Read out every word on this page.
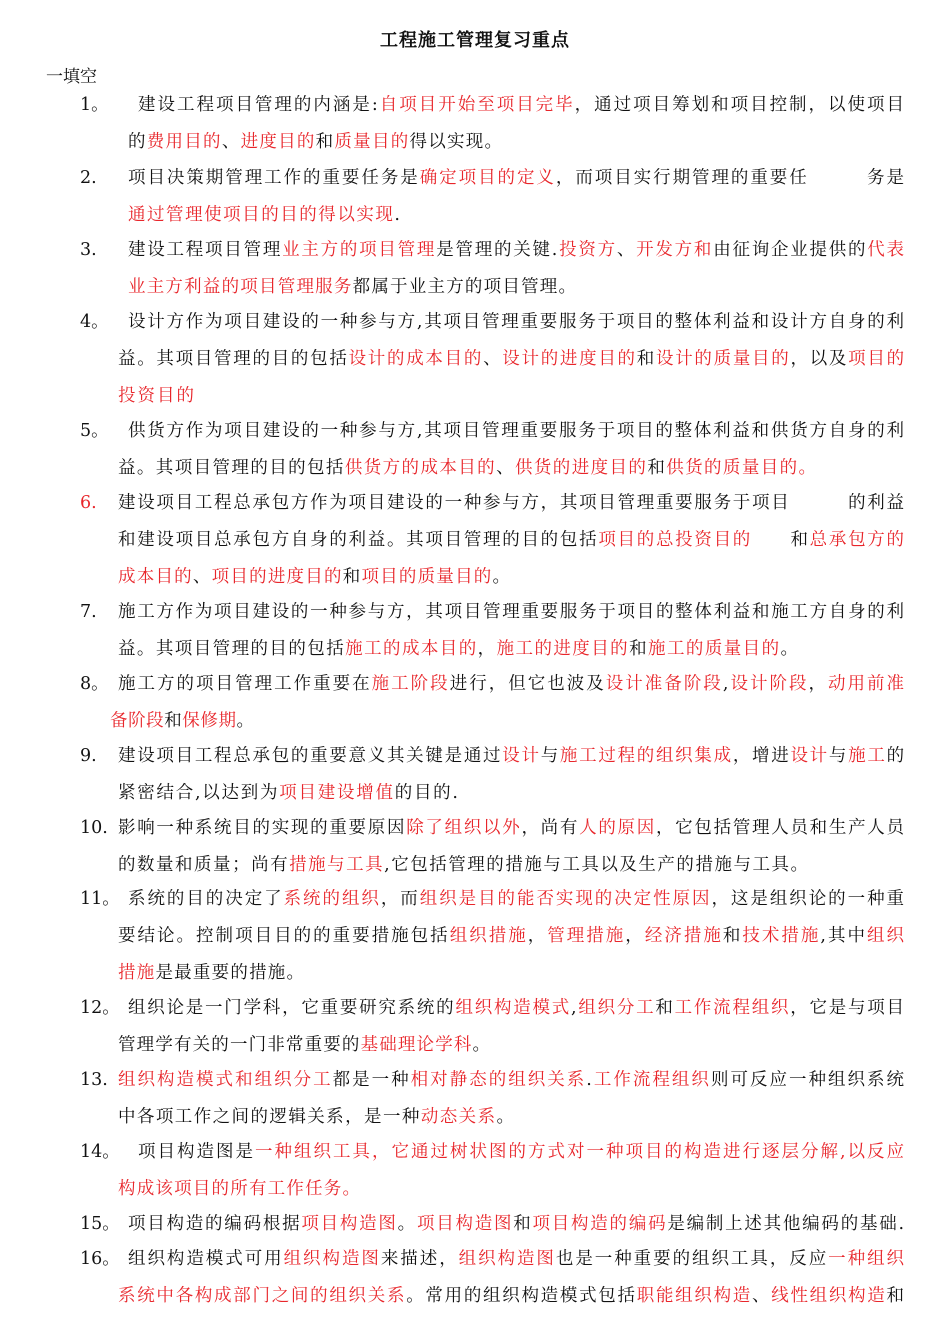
工程施工管理复习重点
一填空
1。 建设工程项目管理的内涵是:自项目开始至项目完毕，通过项目筹划和项目控制，以使项目
的费用目的、进度目的和质量目的得以实现。
2. 项目决策期管理工作的重要任务是确定项目的定义，而项目实行期管理的重要任　　　务是
通过管理使项目的目的得以实现.
3. 建设工程项目管理业主方的项目管理是管理的关键.投资方、开发方和由征询企业提供的代表
业主方利益的项目管理服务都属于业主方的项目管理。
4。 设计方作为项目建设的一种参与方,其项目管理重要服务于项目的整体利益和设计方自身的利
益。其项目管理的目的包括设计的成本目的、设计的进度目的和设计的质量目的，以及项目的
投资目的
5。 供货方作为项目建设的一种参与方,其项目管理重要服务于项目的整体利益和供货方自身的利
益。其项目管理的目的包括供货方的成本目的、供货的进度目的和供货的质量目的。
6. 建设项目工程总承包方作为项目建设的一种参与方，其项目管理重要服务于项目　　　的利益
和建设项目总承包方自身的利益。其项目管理的目的包括项目的总投资目的　　和总承包方的
成本目的、项目的进度目的和项目的质量目的。
7. 施工方作为项目建设的一种参与方，其项目管理重要服务于项目的整体利益和施工方自身的利
益。其项目管理的目的包括施工的成本目的，施工的进度目的和施工的质量目的。
8。 施工方的项目管理工作重要在施工阶段进行，但它也波及设计准备阶段,设计阶段，动用前准
备阶段和保修期。
9. 建设项目工程总承包的重要意义其关键是通过设计与施工过程的组织集成，增进设计与施工的
紧密结合,以达到为项目建设增值的目的.
10. 影响一种系统目的实现的重要原因除了组织以外，尚有人的原因，它包括管理人员和生产人员
的数量和质量；尚有措施与工具,它包括管理的措施与工具以及生产的措施与工具。
11。 系统的目的决定了系统的组织，而组织是目的能否实现的决定性原因，这是组织论的一种重
要结论。控制项目目的的重要措施包括组织措施，管理措施，经济措施和技术措施,其中组织
措施是最重要的措施。
12。 组织论是一门学科，它重要研究系统的组织构造模式,组织分工和工作流程组织，它是与项目
管理学有关的一门非常重要的基础理论学科。
13. 组织构造模式和组织分工都是一种相对静态的组织关系.工作流程组织则可反应一种组织系统
中各项工作之间的逻辑关系，是一种动态关系。
14。 项目构造图是一种组织工具，它通过树状图的方式对一种项目的构造进行逐层分解,以反应
构成该项目的所有工作任务。
15。 项目构造的编码根据项目构造图。项目构造图和项目构造的编码是编制上述其他编码的基础.
16。 组织构造模式可用组织构造图来描述，组织构造图也是一种重要的组织工具，反应一种组织
系统中各构成部门之间的组织关系。常用的组织构造模式包括职能组织构造、线性组织构造和
